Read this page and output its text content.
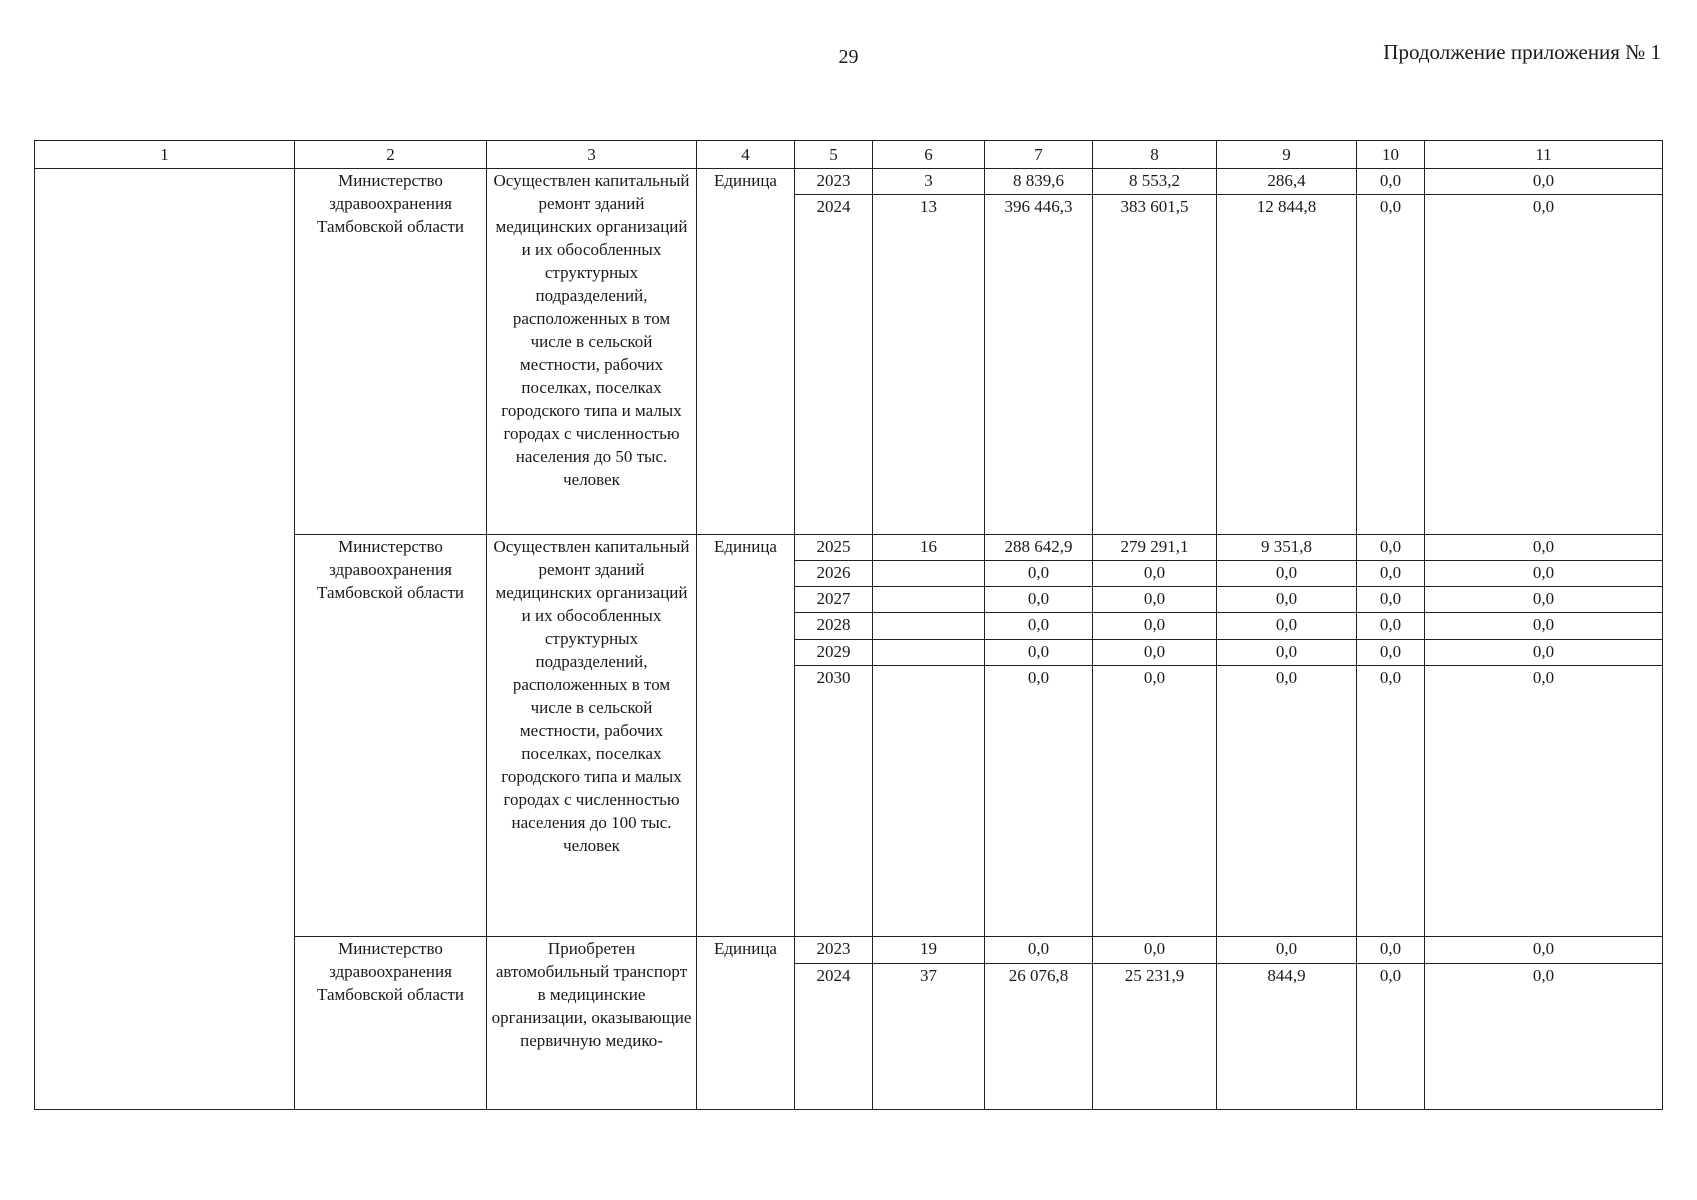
29	Продолжение приложения № 1
1	2	3	4	5	6	7	8	9	10	11
	Министерство здравоохранения Тамбовской области	Осуществлен капитальный ремонт зданий медицинских организаций и их обособленных структурных подразделений, расположенных в том числе в сельской местности, рабочих поселках, поселках городского типа и малых городах с численностью населения до 50 тыс. человек	Единица	2023	3	8 839,6	8 553,2	286,4	0,0	0,0
				2024	13	396 446,3	383 601,5	12 844,8	0,0	0,0
	Министерство здравоохранения Тамбовской области	Осуществлен капитальный ремонт зданий медицинских организаций и их обособленных структурных подразделений, расположенных в том числе в сельской местности, рабочих поселках, поселках городского типа и малых городах с численностью населения до 100 тыс. человек	Единица	2025	16	288 642,9	279 291,1	9 351,8	0,0	0,0
				2026		0,0	0,0	0,0	0,0	0,0
				2027		0,0	0,0	0,0	0,0	0,0
				2028		0,0	0,0	0,0	0,0	0,0
				2029		0,0	0,0	0,0	0,0	0,0
				2030		0,0	0,0	0,0	0,0	0,0
	Министерство здравоохранения Тамбовской области	Приобретен автомобильный транспорт в медицинские организации, оказывающие первичную медико-	Единица	2023	19	0,0	0,0	0,0	0,0	0,0
				2024	37	26 076,8	25 231,9	844,9	0,0	0,0
